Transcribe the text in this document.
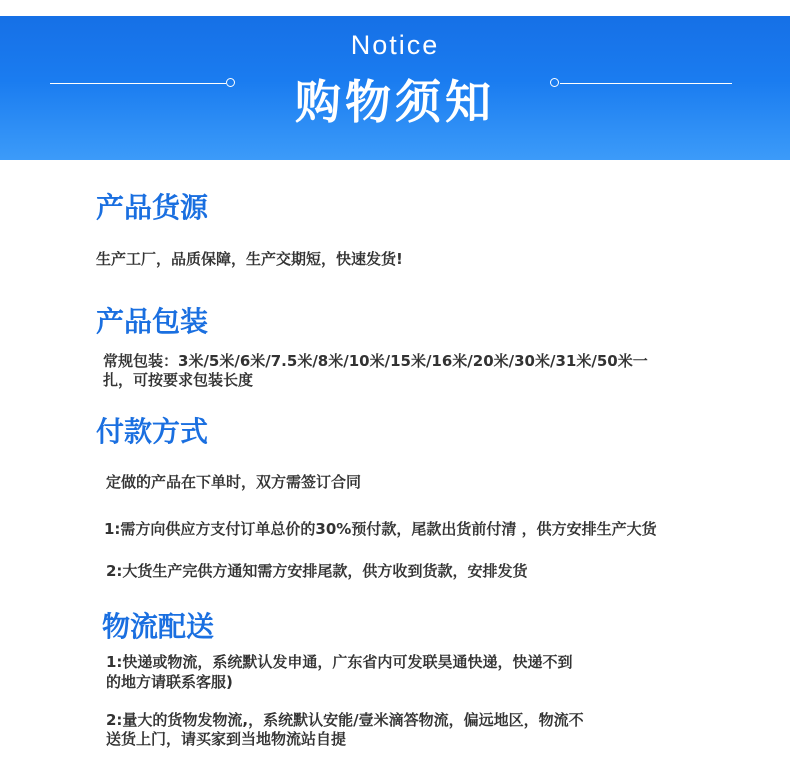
Notice
购物须知
产品货源
生产工厂，品质保障，生产交期短，快速发货!
产品包装
常规包装：3米/5米/6米/7.5米/8米/10米/15米/16米/20米/30米/31米/50米一
扎，可按要求包装长度
付款方式
定做的产品在下单时，双方需签订合同
1:需方向供应方支付订单总价的30%预付款，尾款出货前付清 ，供方安排生产大货
2:大货生产完供方通知需方安排尾款，供方收到货款，安排发货
物流配送
1:快递或物流，系统默认发申通，广东省内可发联昊通快递，快递不到
的地方请联系客服)
2:量大的货物发物流,，系统默认安能/壹米滴答物流，偏远地区，物流不
送货上门，请买家到当地物流站自提
